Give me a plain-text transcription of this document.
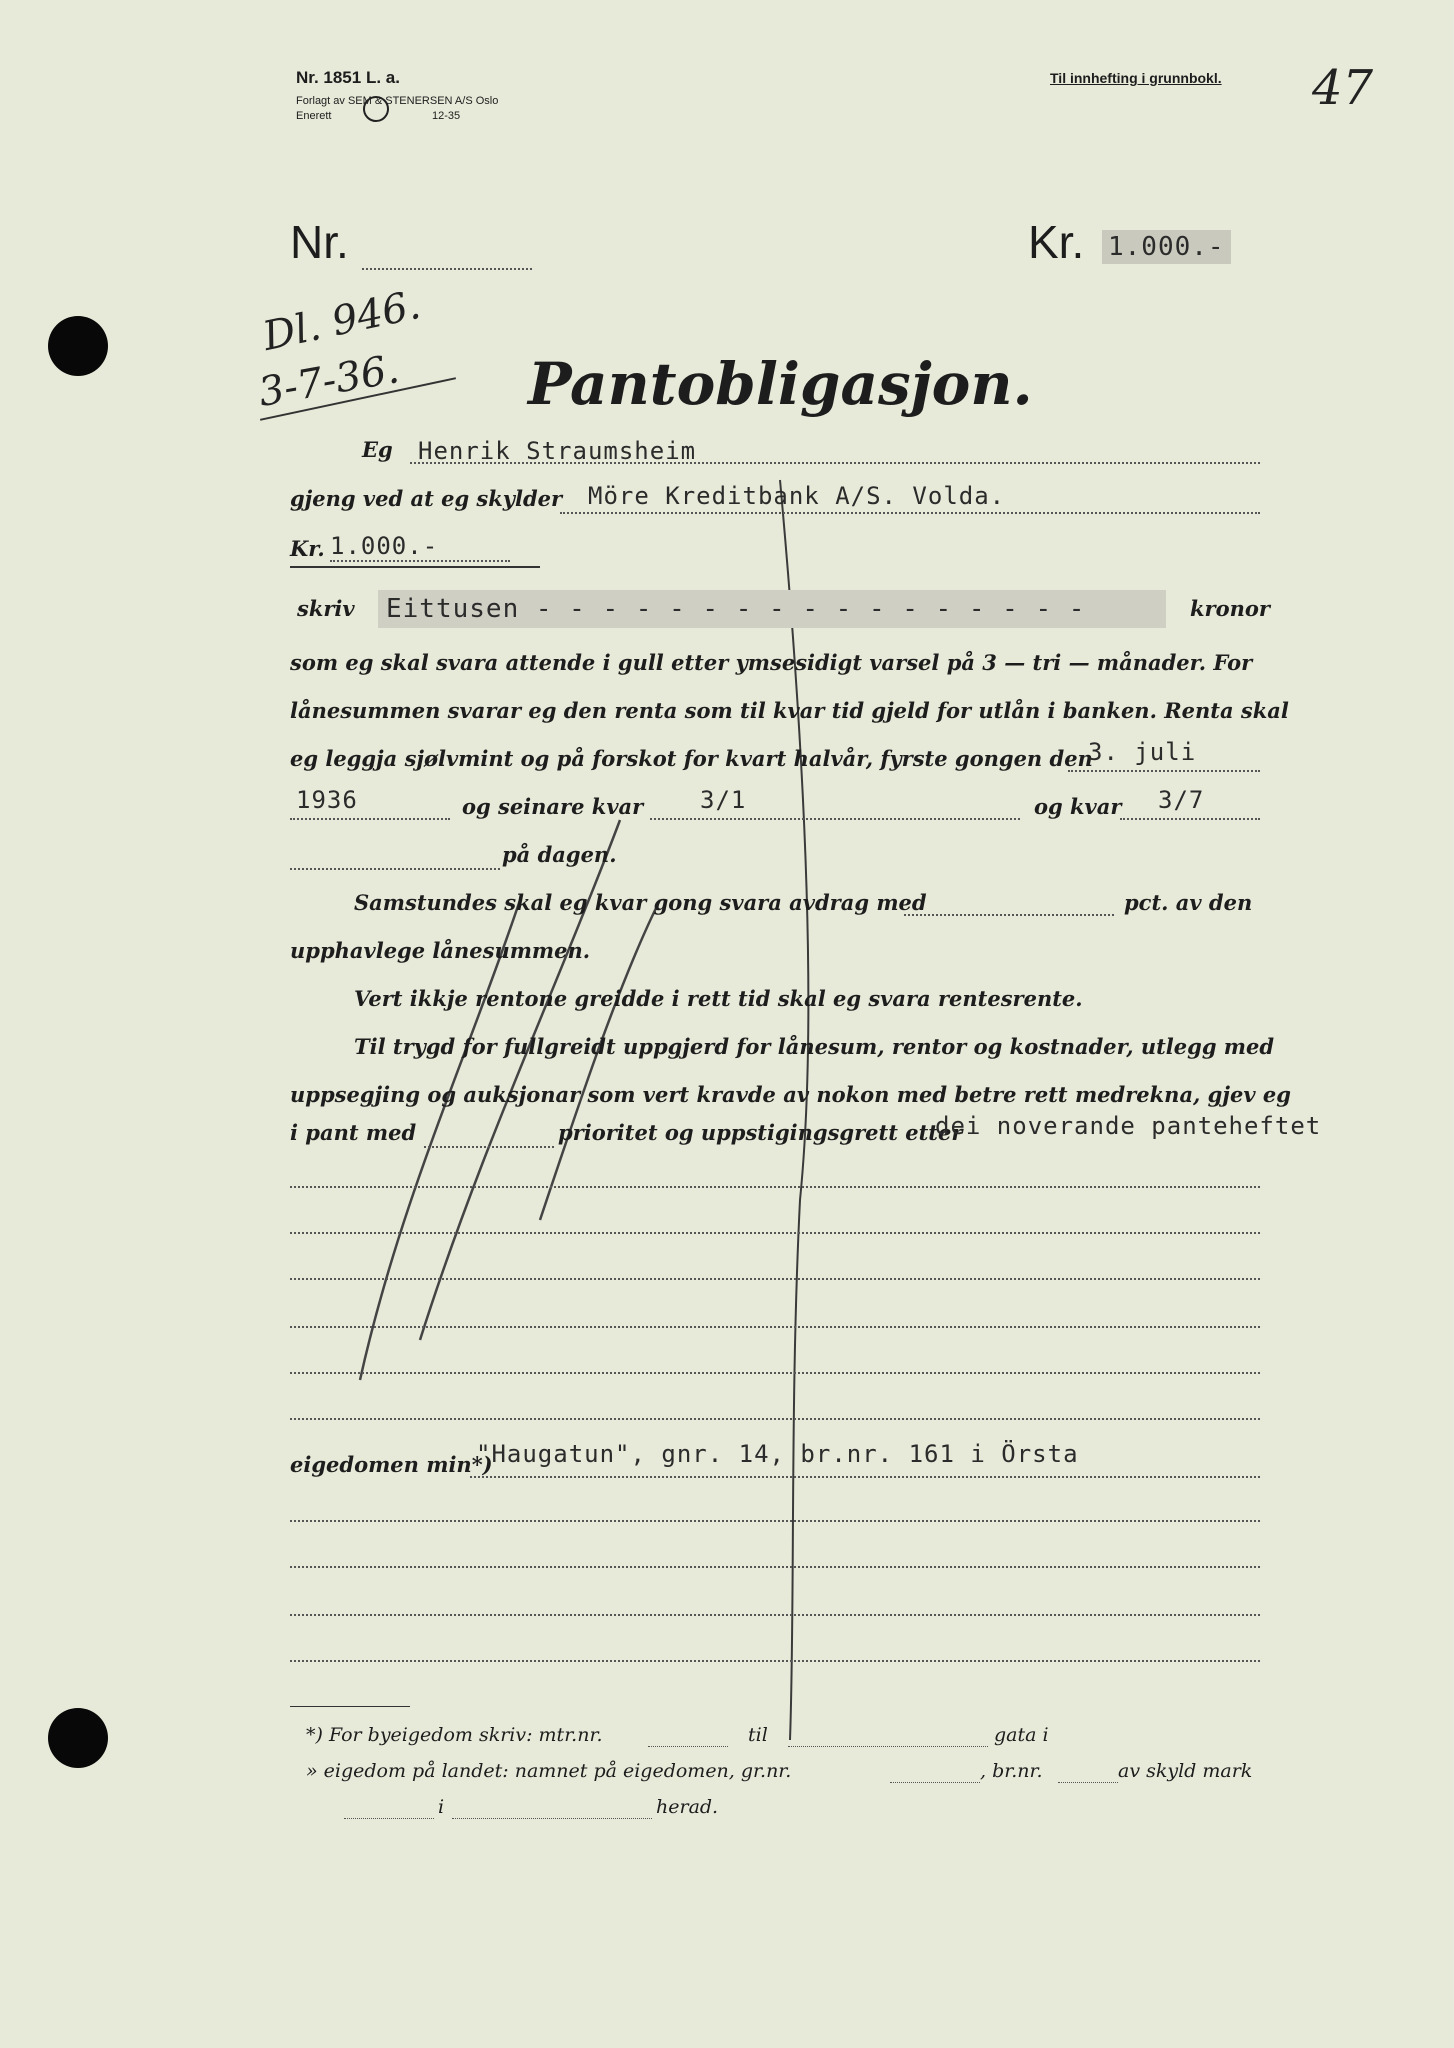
Nr. 1851 L. a.
Forlagt av SEM & STENERSEN A/S Oslo
Enerett	12-35
Til innhefting i grunnbokl. 47
Nr.	Kr. 1.000.-
Dl. 946.
3-7-36. Pantobligasjon.
Eg Henrik Straumsheim
gjeng ved at eg skylder Möre Kreditbank A/S. Volda.
Kr. 1.000.-
skriv	Eittusen - - - - - - - - - - - - - - - - -	kronor
som eg skal svara attende i gull etter ymsesidigt varsel på 3 — tri — månader. For
lånesummen svarar eg den renta som til kvar tid gjeld for utlån i banken. Renta skal
eg leggja sjølvmint og på forskot for kvart halvår, fyrste gongen den
3. juli
1936	og seinare kvar 3/1	og kvar 3/7
på dagen.
Samstundes skal eg kvar gong svara avdrag med	pct. av den
upphavlege lånesummen.
Vert ikkje rentone greidde i rett tid skal eg svara rentesrente.
Til trygd for fullgreidt uppgjerd for lånesum, rentor og kostnader, utlegg med
uppsegjing og auksjonar som vert kravde av nokon med betre rett medrekna, gjev eg
i pant med	prioritet og uppstigingsgrett etter
dei noverande panteheftet
eigedomen min*)
"Haugatun", gnr. 14, br.nr. 161 i Örsta
*) For byeigedom skriv: mtr.nr.	til	gata i
» eigedom på landet: namnet på eigedomen, gr.nr.	, br.nr.	av skyld mark
i	herad.
